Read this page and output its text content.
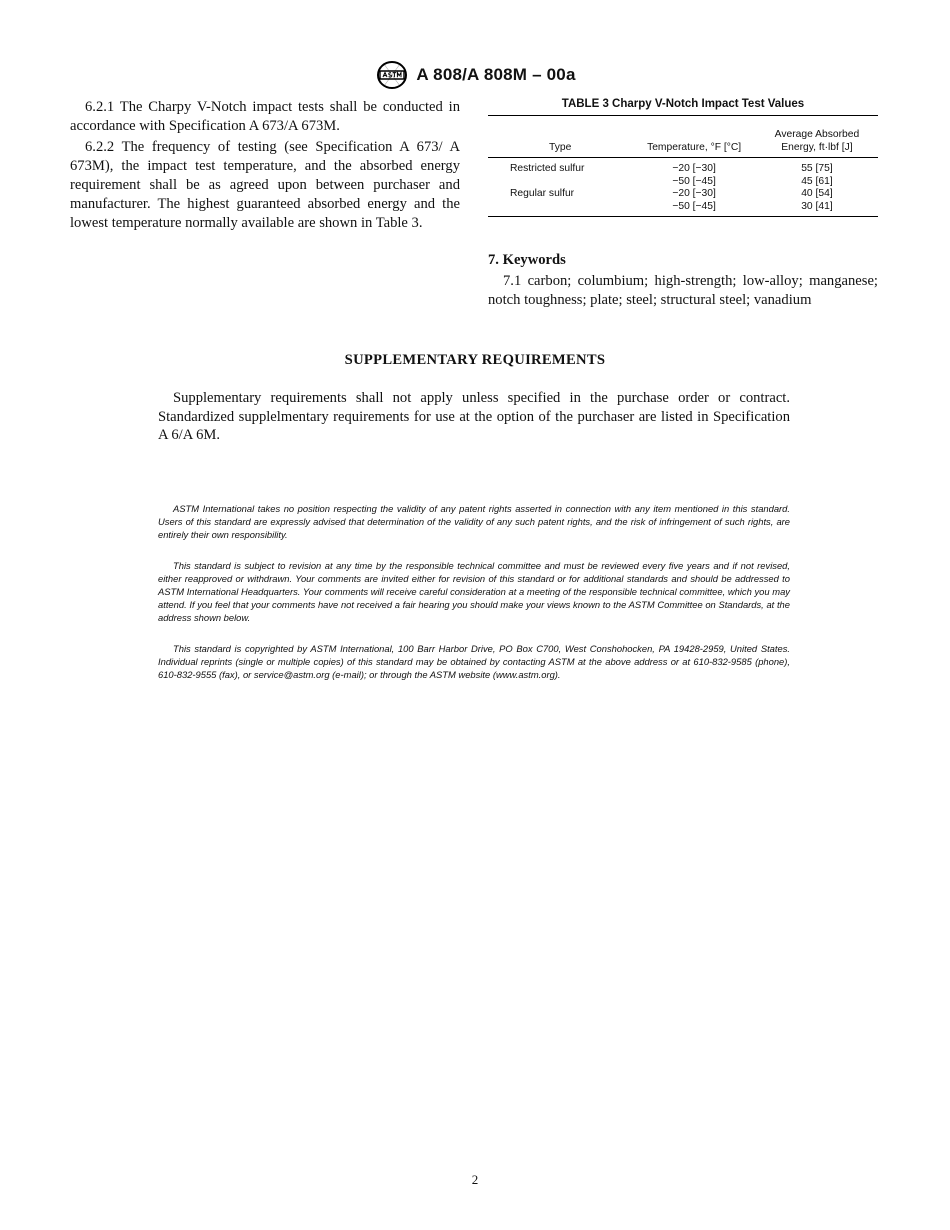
A 808/A 808M – 00a

6.2.1 The Charpy V-Notch impact tests shall be conducted in accordance with Specification A 673/A 673M.

6.2.2 The frequency of testing (see Specification A 673/ A 673M), the impact test temperature, and the absorbed energy requirement shall be as agreed upon between purchaser and manufacturer. The highest guaranteed absorbed energy and the lowest temperature normally available are shown in Table 3.

TABLE 3 Charpy V-Notch Impact Test Values
Type	Temperature, °F [°C]	Average Absorbed
Energy, ft·lbf [J]
Restricted sulfur	−20 [−30]	55 [75]
	−50 [−45]	45 [61]
Regular sulfur	−20 [−30]	40 [54]
	−50 [−45]	30 [41]
7. Keywords

7.1 carbon; columbium; high-strength; low-alloy; manganese; notch toughness; plate; steel; structural steel; vanadium

SUPPLEMENTARY REQUIREMENTS

Supplementary requirements shall not apply unless specified in the purchase order or contract. Standardized supplelmentary requirements for use at the option of the purchaser are listed in Specification A 6/A 6M.

ASTM International takes no position respecting the validity of any patent rights asserted in connection with any item mentioned in this standard. Users of this standard are expressly advised that determination of the validity of any such patent rights, and the risk of infringement of such rights, are entirely their own responsibility.

This standard is subject to revision at any time by the responsible technical committee and must be reviewed every five years and if not revised, either reapproved or withdrawn. Your comments are invited either for revision of this standard or for additional standards and should be addressed to ASTM International Headquarters. Your comments will receive careful consideration at a meeting of the responsible technical committee, which you may attend. If you feel that your comments have not received a fair hearing you should make your views known to the ASTM Committee on Standards, at the address shown below.

This standard is copyrighted by ASTM International, 100 Barr Harbor Drive, PO Box C700, West Conshohocken, PA 19428-2959, United States. Individual reprints (single or multiple copies) of this standard may be obtained by contacting ASTM at the above address or at 610-832-9585 (phone), 610-832-9555 (fax), or service@astm.org (e-mail); or through the ASTM website (www.astm.org).

2
